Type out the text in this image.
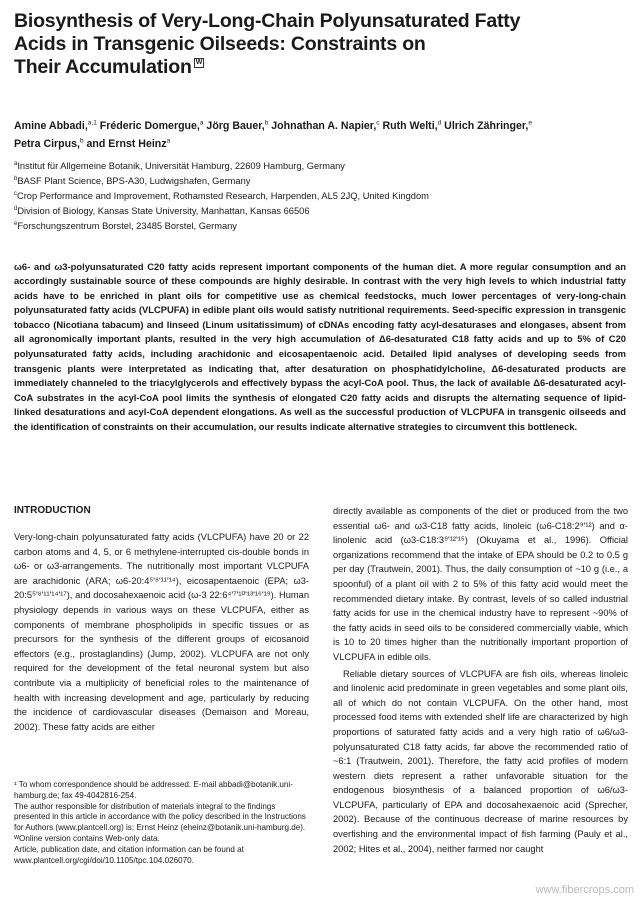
Biosynthesis of Very-Long-Chain Polyunsaturated Fatty
Acids in Transgenic Oilseeds: Constraints on
Their Accumulation W
Amine Abbadi,$^{a,1}$ Fréderic Domergue,$^a$ Jörg Bauer,$^b$ Johnathan A. Napier,$^c$ Ruth Welti,$^d$ Ulrich Zähringer,$^e$
Petra Cirpus,$^b$ and Ernst Heinz$^a$
$^a$Institut für Allgemeine Botanik, Universität Hamburg, 22609 Hamburg, Germany
$^b$BASF Plant Science, BPS-A30, Ludwigshafen, Germany
$^c$Crop Performance and Improvement, Rothamsted Research, Harpenden, AL5 2JQ, United Kingdom
$^d$Division of Biology, Kansas State University, Manhattan, Kansas 66506
$^e$Forschungszentrum Borstel, 23485 Borstel, Germany
ω6- and ω3-polyunsaturated C20 fatty acids represent important components of the human diet. A more regular consumption and an accordingly sustainable source of these compounds are highly desirable. In contrast with the very high levels to which industrial fatty acids have to be enriched in plant oils for competitive use as chemical feedstocks, much lower percentages of very-long-chain polyunsaturated fatty acids (VLCPUFA) in edible plant oils would satisfy nutritional requirements. Seed-specific expression in transgenic tobacco (Nicotiana tabacum) and linseed (Linum usitatissimum) of cDNAs encoding fatty acyl-desaturases and elongases, absent from all agronomically important plants, resulted in the very high accumulation of Δ6-desaturated C18 fatty acids and up to 5% of C20 polyunsaturated fatty acids, including arachidonic and eicosapentaenoic acid. Detailed lipid analyses of developing seeds from transgenic plants were interpretated as indicating that, after desaturation on phosphatidylcholine, Δ6-desaturated products are immediately channeled to the triacylglycerols and effectively bypass the acyl-CoA pool. Thus, the lack of available Δ6-desaturated acyl-CoA substrates in the acyl-CoA pool limits the synthesis of elongated C20 fatty acids and disrupts the alternating sequence of lipid-linked desaturations and acyl-CoA dependent elongations. As well as the successful production of VLCPUFA in transgenic oilseeds and the identification of constraints on their accumulation, our results indicate alternative strategies to circumvent this bottleneck.
INTRODUCTION

Very-long-chain polyunsaturated fatty acids (VLCPUFA) have 20 or 22 carbon atoms and 4, 5, or 6 methylene-interrupted cis-double bonds in ω6- or ω3-arrangements. The nutritionally most important VLCPUFA are arachidonic (ARA; ω6-20:4⁵'⁸'¹¹'¹⁴), eicosapentaenoic (EPA; ω3-20:5⁵'⁸'¹¹'¹⁴'¹⁷), and docosahexaenoic acid (ω-3 22:6⁴'⁷'¹⁰'¹³'¹⁶'¹⁹). Human physiology depends in various ways on these VLCPUFA, either as components of membrane phospholipids in specific tissues or as precursors for the synthesis of the different groups of eicosanoid effectors (e.g., prostaglandins) (Jump, 2002). VLCPUFA are not only required for the development of the fetal neuronal system but also contribute via a multiplicity of beneficial roles to the maintenance of health with increasing development and age, particularly by reducing the incidence of cardiovascular diseases (Demaison and Moreau, 2002). These fatty acids are either

¹ To whom correspondence should be addressed. E-mail abbadi@botanik.uni-hamburg.de; fax 49-4042816-254.
The author responsible for distribution of materials integral to the findings presented in this article in accordance with the policy described in the Instructions for Authors (www.plantcell.org) is: Ernst Heinz (eheinz@botanik.uni-hamburg.de).
ᵂOnline version contains Web-only data.
Article, publication date, and citation information can be found at www.plantcell.org/cgi/doi/10.1105/tpc.104.026070.

directly available as components of the diet or produced from the two essential ω6- and ω3-C18 fatty acids, linoleic (ω6-C18:2⁹'¹²) and α-linolenic acid (ω3-C18:3⁹'¹²'¹⁵) (Okuyama et al., 1996). Official organizations recommend that the intake of EPA should be 0.2 to 0.5 g per day (Trautwein, 2001). Thus, the daily consumption of ~10 g (i.e., a spoonful) of a plant oil with 2 to 5% of this fatty acid would meet the recommended dietary intake. By contrast, levels of so called industrial fatty acids for use in the chemical industry have to represent ~90% of the fatty acids in seed oils to be considered commercially viable, which is 10 to 20 times higher than the nutritionally important proportion of VLCPUFA in edible oils.

Reliable dietary sources of VLCPUFA are fish oils, whereas linoleic and linolenic acid predominate in green vegetables and some plant oils, all of which do not contain VLCPUFA. On the other hand, most processed food items with extended shelf life are characterized by high proportions of saturated fatty acids and a very high ratio of ω6/ω3-polyunsaturated C18 fatty acids, far above the recommended ratio of ~6:1 (Trautwein, 2001). Therefore, the fatty acid profiles of modern western diets represent a rather unfavorable situation for the endogenous biosynthesis of a balanced proportion of ω6/ω3-VLCPUFA, particularly of EPA and docosahexaenoic acid (Sprecher, 2002). Because of the continuous decrease of marine resources by overfishing and the environmental impact of fish farming (Pauly et al., 2002; Hites et al., 2004), neither farmed nor caught

www.fibercrops.com
